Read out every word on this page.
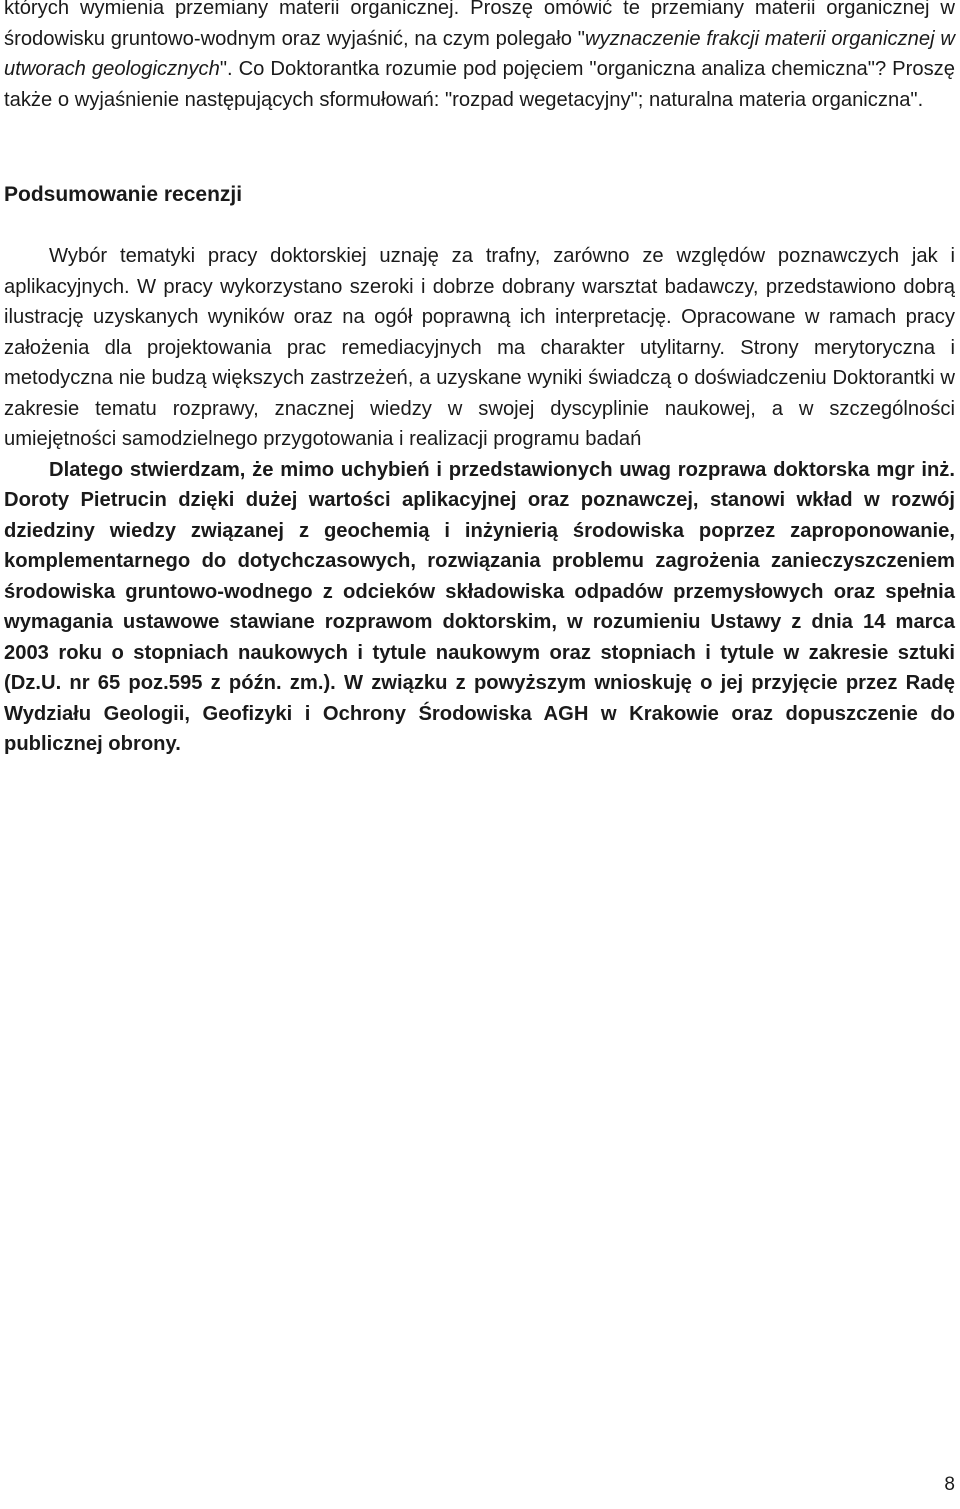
których wymienia przemiany materii organicznej. Proszę omówić te przemiany materii organicznej w środowisku gruntowo-wodnym oraz wyjaśnić, na czym polegało "wyznaczenie frakcji materii organicznej w utworach geologicznych". Co Doktorantka rozumie pod pojęciem "organiczna analiza chemiczna"? Proszę także o wyjaśnienie następujących sformułowań: "rozpad wegetacyjny"; naturalna materia organiczna".

Podsumowanie recenzji

Wybór tematyki pracy doktorskiej uznaję za trafny, zarówno ze względów poznawczych jak i aplikacyjnych. W pracy wykorzystano szeroki i dobrze dobrany warsztat badawczy, przedstawiono dobrą ilustrację uzyskanych wyników oraz na ogół poprawną ich interpretację. Opracowane w ramach pracy założenia dla projektowania prac remediacyjnych ma charakter utylitarny. Strony merytoryczna i metodyczna nie budzą większych zastrzeżeń, a uzyskane wyniki świadczą o doświadczeniu Doktorantki w zakresie tematu rozprawy, znacznej wiedzy w swojej dyscyplinie naukowej, a w szczególności umiejętności samodzielnego przygotowania i realizacji programu badań
Dlatego stwierdzam, że mimo uchybień i przedstawionych uwag rozprawa doktorska mgr inż. Doroty Pietrucin dzięki dużej wartości aplikacyjnej oraz poznawczej, stanowi wkład w rozwój dziedziny wiedzy związanej z geochemią i inżynierią środowiska poprzez zaproponowanie, komplementarnego do dotychczasowych, rozwiązania problemu zagrożenia zanieczyszczeniem środowiska gruntowo-wodnego z odcieków składowiska odpadów przemysłowych oraz spełnia wymagania ustawowe stawiane rozprawom doktorskim, w rozumieniu Ustawy z dnia 14 marca 2003 roku o stopniach naukowych i tytule naukowym oraz stopniach i tytule w zakresie sztuki (Dz.U. nr 65 poz.595 z późn. zm.). W związku z powyższym wnioskuję o jej przyjęcie przez Radę Wydziału Geologii, Geofizyki i Ochrony Środowiska AGH w Krakowie oraz dopuszczenie do publicznej obrony.

8
